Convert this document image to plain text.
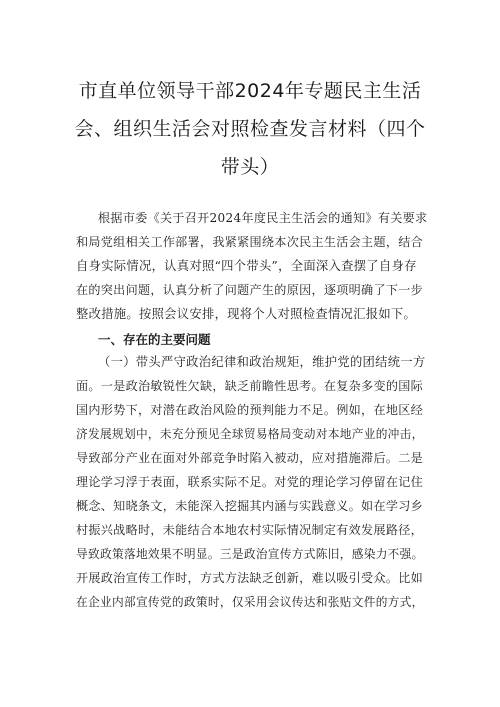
市直单位领导干部2024年专题民主生活
会、组织生活会对照检查发言材料（四个
带头）
根据市委《关于召开2024年度民主生活会的通知》有关要求
和局党组相关工作部署，我紧紧围绕本次民主生活会主题，结合
自身实际情况，认真对照“四个带头”，全面深入查摆了自身存
在的突出问题，认真分析了问题产生的原因，逐项明确了下一步
整改措施。按照会议安排，现将个人对照检查情况汇报如下。
一、存在的主要问题
（一）带头严守政治纪律和政治规矩，维护党的团结统一方
面。一是政治敏锐性欠缺，缺乏前瞻性思考。在复杂多变的国际
国内形势下，对潜在政治风险的预判能力不足。例如，在地区经
济发展规划中，未充分预见全球贸易格局变动对本地产业的冲击，
导致部分产业在面对外部竞争时陷入被动，应对措施滞后。二是
理论学习浮于表面，联系实际不足。对党的理论学习停留在记住
概念、知晓条文，未能深入挖掘其内涵与实践意义。如在学习乡
村振兴战略时，未能结合本地农村实际情况制定有效发展路径，
导致政策落地效果不明显。三是政治宣传方式陈旧，感染力不强。
开展政治宣传工作时，方式方法缺乏创新，难以吸引受众。比如
在企业内部宣传党的政策时，仅采用会议传达和张贴文件的方式，
